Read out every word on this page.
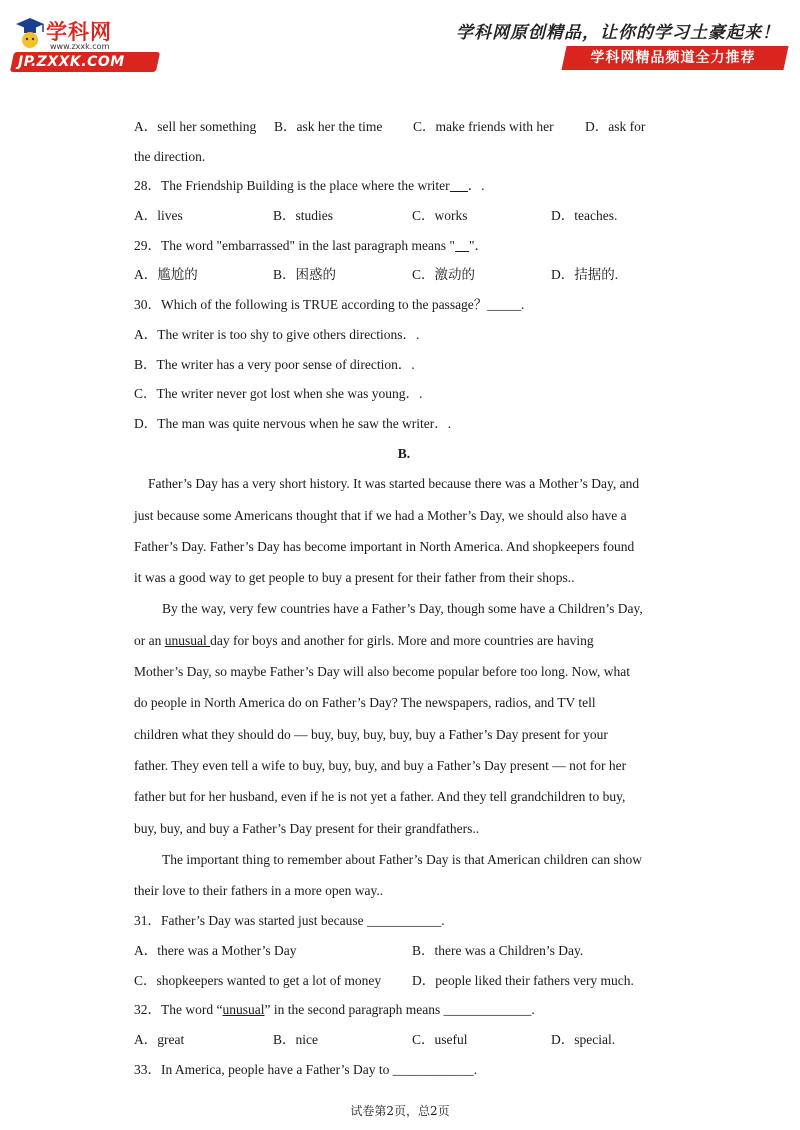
学科网
www.zxxk.com
JP.ZXXK.COM
学科网原创精品，让你的学习土豪起来！
学科网精品频道全力推荐
A．sell her something	B．ask her the time	C．make friends with her	D．ask for
the direction.
28．The Friendship Building is the place where the writer ．.
A．lives	B．studies	C．works	D．teaches.
29．The word "embarrassed" in the last paragraph means " "．
A．尴尬的	B．困惑的	C．激动的	D．拮据的.
30．Which of the following is TRUE according to the passage？_____.
A．The writer is too shy to give others directions．.
B．The writer has a very poor sense of direction．.
C．The writer never got lost when she was young．.
D．The man was quite nervous when he saw the writer．.
B.
Father’s Day has a very short history. It was started because there was a Mother’s Day, and
just because some Americans thought that if we had a Mother’s Day, we should also have a
Father’s Day. Father’s Day has become important in North America. And shopkeepers found
it was a good way to get people to buy a present for their father from their shops..
By the way, very few countries have a Father’s Day, though some have a Children’s Day,
or an unusual day for boys and another for girls. More and more countries are having
Mother’s Day, so maybe Father’s Day will also become popular before too long. Now, what
do people in North America do on Father’s Day? The newspapers, radios, and TV tell
children what they should do — buy, buy, buy, buy, buy a Father’s Day present for your
father. They even tell a wife to buy, buy, buy, and buy a Father’s Day present — not for her
father but for her husband, even if he is not yet a father. And they tell grandchildren to buy,
buy, buy, and buy a Father’s Day present for their grandfathers..
The important thing to remember about Father’s Day is that American children can show
their love to their fathers in a more open way..
31．Father’s Day was started just because ___________.
A．there was a Mother’s Day	B．there was a Children’s Day.
C．shopkeepers wanted to get a lot of money	D．people liked their fathers very much.
32．The word “unusual” in the second paragraph means _____________.
A．great	B．nice	C．useful	D．special.
33．In America, people have a Father’s Day to ____________.
试卷第2页，总2页
